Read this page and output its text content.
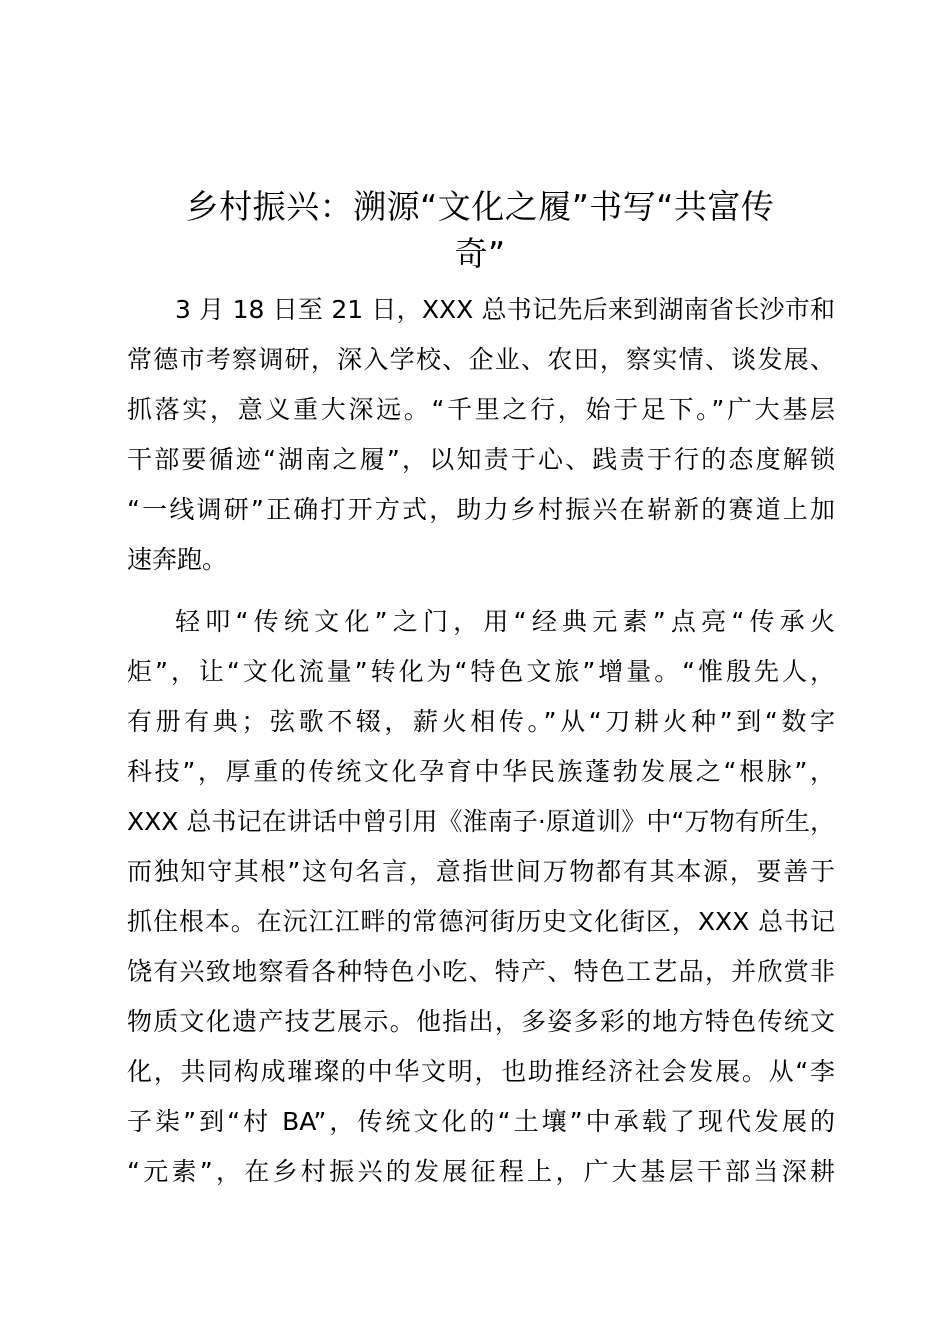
乡村振兴：溯源“文化之履”书写“共富传
奇”
3 月 18 日至 21 日，XXX 总书记先后来到湖南省长沙市和
常德市考察调研，深入学校、企业、农田，察实情、谈发展、
抓落实，意义重大深远。“千里之行，始于足下。”广大基层
干部要循迹“湖南之履”，以知责于心、践责于行的态度解锁
“一线调研”正确打开方式，助力乡村振兴在崭新的赛道上加
速奔跑。
轻叩“传统文化”之门，用“经典元素”点亮“传承火
炬”，让“文化流量”转化为“特色文旅”增量。“惟殷先人，
有册有典；弦歌不辍，薪火相传。”从“刀耕火种”到“数字
科技”，厚重的传统文化孕育中华民族蓬勃发展之“根脉”，
XXX 总书记在讲话中曾引用《淮南子·原道训》中“万物有所生，
而独知守其根”这句名言，意指世间万物都有其本源，要善于
抓住根本。在沅江江畔的常德河街历史文化街区，XXX 总书记
饶有兴致地察看各种特色小吃、特产、特色工艺品，并欣赏非
物质文化遗产技艺展示。他指出，多姿多彩的地方特色传统文
化，共同构成璀璨的中华文明，也助推经济社会发展。从“李
子柒”到“村 BA”，传统文化的“土壤”中承载了现代发展的
“元素”，在乡村振兴的发展征程上，广大基层干部当深耕
